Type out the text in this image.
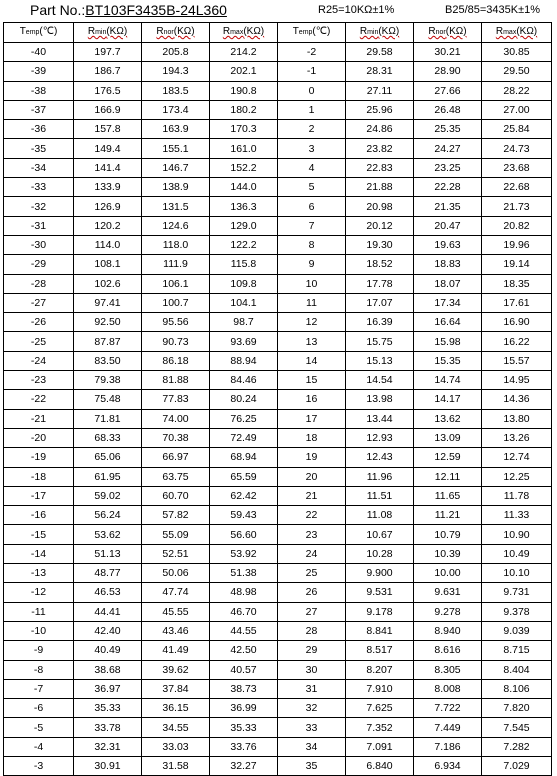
Part No.:BT103F3435B-24L360	R25=10KΩ±1%	B25/85=3435K±1%
Temp(℃)	Rmin(KΩ)	Rnor(KΩ)	Rmax(KΩ)	Temp(℃)	Rmin(KΩ)	Rnor(KΩ)	Rmax(KΩ)
-40	197.7	205.8	214.2	-2	29.58	30.21	30.85
-39	186.7	194.3	202.1	-1	28.31	28.90	29.50
-38	176.5	183.5	190.8	0	27.11	27.66	28.22
-37	166.9	173.4	180.2	1	25.96	26.48	27.00
-36	157.8	163.9	170.3	2	24.86	25.35	25.84
-35	149.4	155.1	161.0	3	23.82	24.27	24.73
-34	141.4	146.7	152.2	4	22.83	23.25	23.68
-33	133.9	138.9	144.0	5	21.88	22.28	22.68
-32	126.9	131.5	136.3	6	20.98	21.35	21.73
-31	120.2	124.6	129.0	7	20.12	20.47	20.82
-30	114.0	118.0	122.2	8	19.30	19.63	19.96
-29	108.1	111.9	115.8	9	18.52	18.83	19.14
-28	102.6	106.1	109.8	10	17.78	18.07	18.35
-27	97.41	100.7	104.1	11	17.07	17.34	17.61
-26	92.50	95.56	98.7	12	16.39	16.64	16.90
-25	87.87	90.73	93.69	13	15.75	15.98	16.22
-24	83.50	86.18	88.94	14	15.13	15.35	15.57
-23	79.38	81.88	84.46	15	14.54	14.74	14.95
-22	75.48	77.83	80.24	16	13.98	14.17	14.36
-21	71.81	74.00	76.25	17	13.44	13.62	13.80
-20	68.33	70.38	72.49	18	12.93	13.09	13.26
-19	65.06	66.97	68.94	19	12.43	12.59	12.74
-18	61.95	63.75	65.59	20	11.96	12.11	12.25
-17	59.02	60.70	62.42	21	11.51	11.65	11.78
-16	56.24	57.82	59.43	22	11.08	11.21	11.33
-15	53.62	55.09	56.60	23	10.67	10.79	10.90
-14	51.13	52.51	53.92	24	10.28	10.39	10.49
-13	48.77	50.06	51.38	25	9.900	10.00	10.10
-12	46.53	47.74	48.98	26	9.531	9.631	9.731
-11	44.41	45.55	46.70	27	9.178	9.278	9.378
-10	42.40	43.46	44.55	28	8.841	8.940	9.039
-9	40.49	41.49	42.50	29	8.517	8.616	8.715
-8	38.68	39.62	40.57	30	8.207	8.305	8.404
-7	36.97	37.84	38.73	31	7.910	8.008	8.106
-6	35.33	36.15	36.99	32	7.625	7.722	7.820
-5	33.78	34.55	35.33	33	7.352	7.449	7.545
-4	32.31	33.03	33.76	34	7.091	7.186	7.282
-3	30.91	31.58	32.27	35	6.840	6.934	7.029
